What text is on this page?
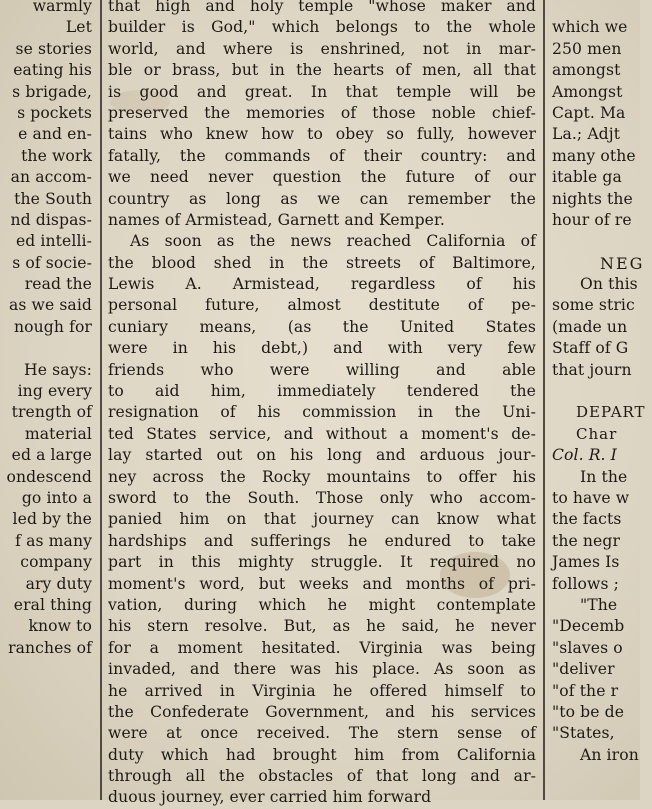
warmly
Let
se stories
eating his
s brigade,
s pockets
e and en-
the work
an accom-
the South
nd dispas-
ed intelli-
s of socie-
read the
as we said
nough for
He says:
ing every
trength of
material
ed a large
ondescend
go into a
led by the
f as many
company
ary duty
eral thing
know to
ranches of
that high and holy temple "whose maker and
builder is God," which belongs to the whole
world, and where is enshrined, not in mar-
ble or brass, but in the hearts of men, all that
is good and great. In that temple will be
preserved the memories of those noble chief-
tains who knew how to obey so fully, however
fatally, the commands of their country: and
we need never question the future of our
country as long as we can remember the
names of Armistead, Garnett and Kemper.
As soon as the news reached California of
the blood shed in the streets of Baltimore,
Lewis A. Armistead, regardless of his
personal future, almost destitute of pe-
cuniary means, (as the United States
were in his debt,) and with very few
friends who were willing and able
to aid him, immediately tendered the
resignation of his commission in the Uni-
ted States service, and without a moment's de-
lay started out on his long and arduous jour-
ney across the Rocky mountains to offer his
sword to the South. Those only who accom-
panied him on that journey can know what
hardships and sufferings he endured to take
part in this mighty struggle. It required no
moment's word, but weeks and months of pri-
vation, during which he might contemplate
his stern resolve. But, as he said, he never
for a moment hesitated. Virginia was being
invaded, and there was his place. As soon as
he arrived in Virginia he offered himself to
the Confederate Government, and his services
were at once received. The stern sense of
duty which had brought him from California
through all the obstacles of that long and ar-
duous journey, ever carried him forward
which we
250 men
amongst
Amongst
Capt. Ma
La.; Adjt
many othe
itable ga
nights the
hour of re
NEG
On this
some stric
(made un
Staff of G
that journ
DEPART
Char
Col. R. I
In the
to have w
the facts
the negr
James Is
follows ;
"The
"Decemb
"slaves o
"deliver
"of the r
"to be de
"States,
An iron
